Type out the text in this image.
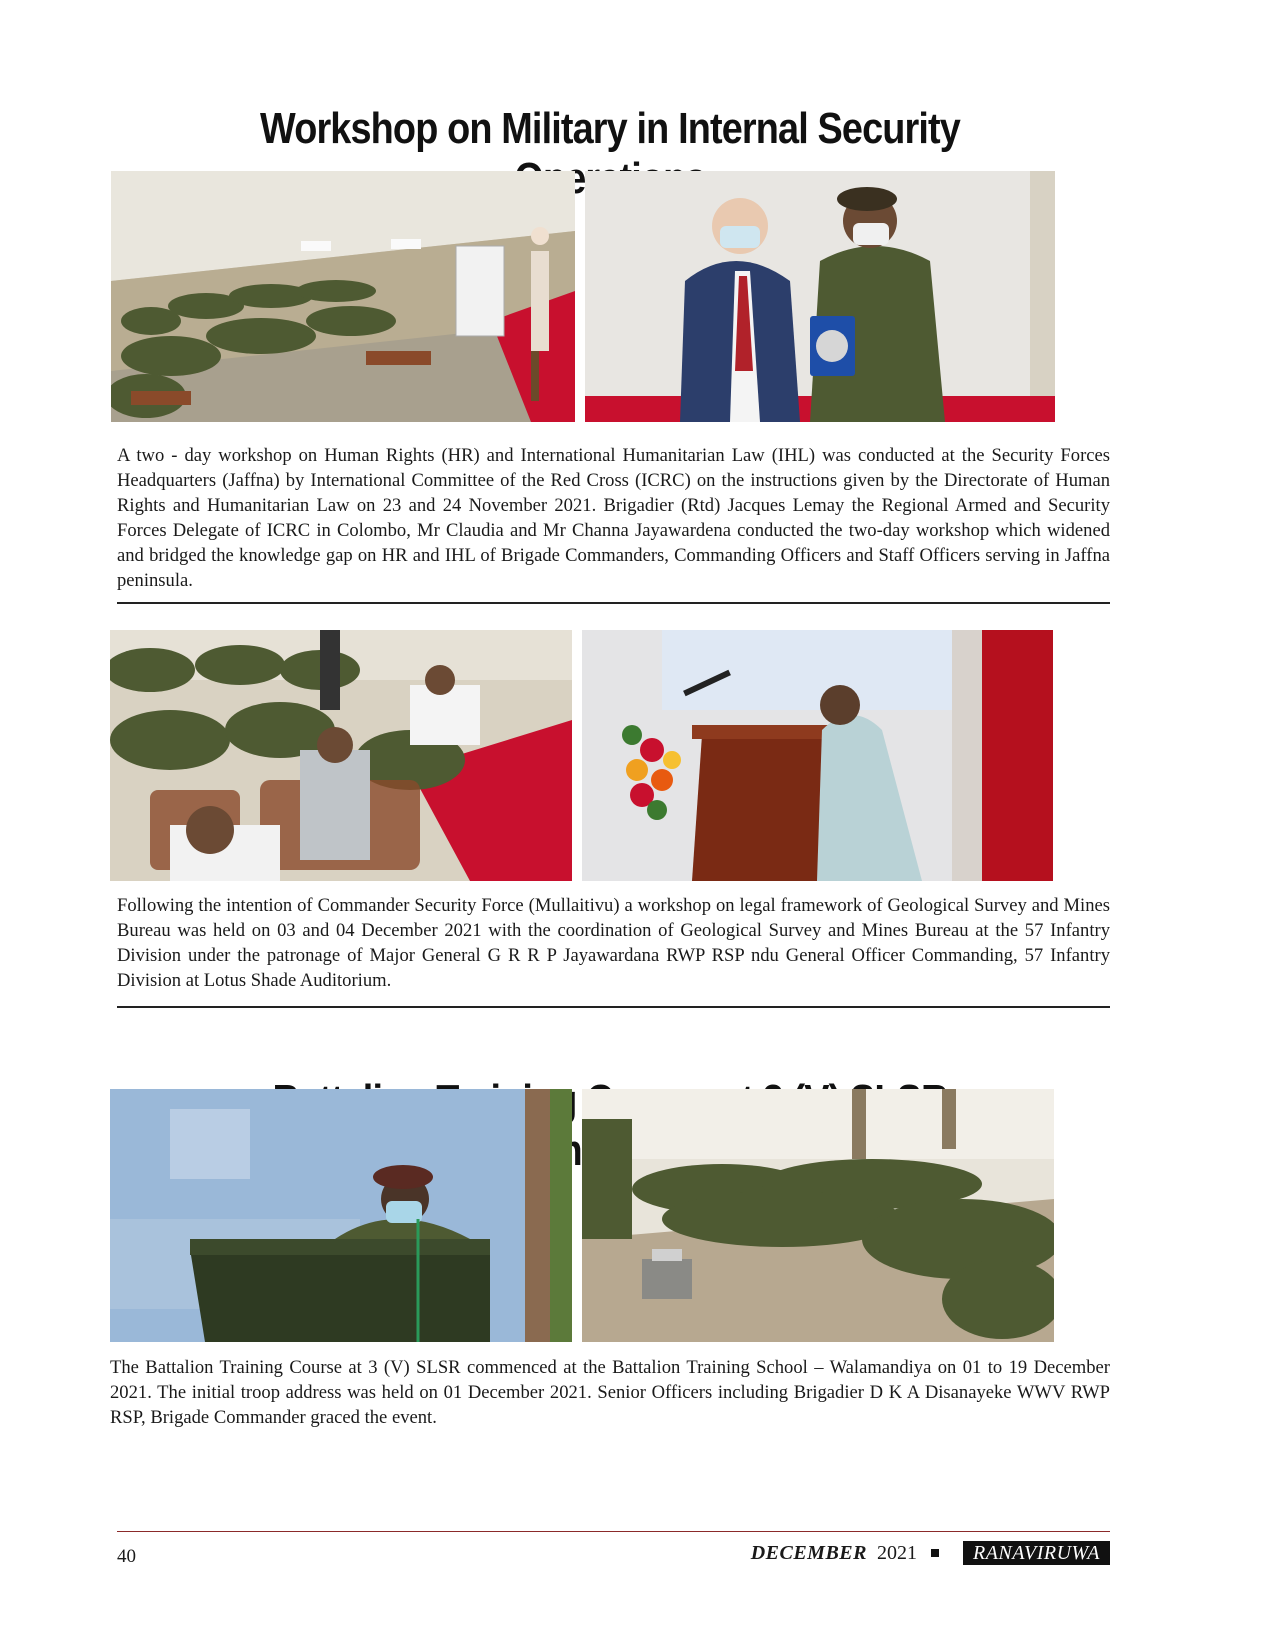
Workshop on Military in Internal Security

A two - day workshop on Human Rights (HR) and International Humanitarian Law (IHL) was conducted at the Security Forces Headquarters (Jaffna) by International Committee of the Red Cross (ICRC) on the instructions given by the Directorate of Human Rights and Humanitarian Law on 23 and 24 November 2021. Brigadier (Rtd) Jacques Lemay the Regional Armed and Security Forces Delegate of ICRC in Colombo, Mr Claudia and Mr Channa Jayawardena conducted the two-day workshop which widened and bridged the knowledge gap on HR and IHL of Brigade Commanders, Commanding Officers and Staff Officers serving in Jaffna peninsula.

Following the intention of Commander Security Force (Mullaitivu) a workshop on legal framework of Geological Survey and Mines Bureau was held on 03 and 04 December 2021 with the coordination of Geological Survey and Mines Bureau at the 57 Infantry Division under the patronage of Major General G R R P Jayawardana RWP RSP ndu General Officer Commanding, 57 Infantry Division at Lotus Shade Auditorium.

The Battalion Training Course at 3 (V) SLSR commenced at the Battalion Training School – Walamandiya on 01 to 19 December 2021. The initial troop address was held on 01 December 2021. Senior Officers including Brigadier D K A Disanayeke WWV RWP RSP, Brigade Commander graced the event.

40	DECEMBER 2021	RANAVIRUWA
